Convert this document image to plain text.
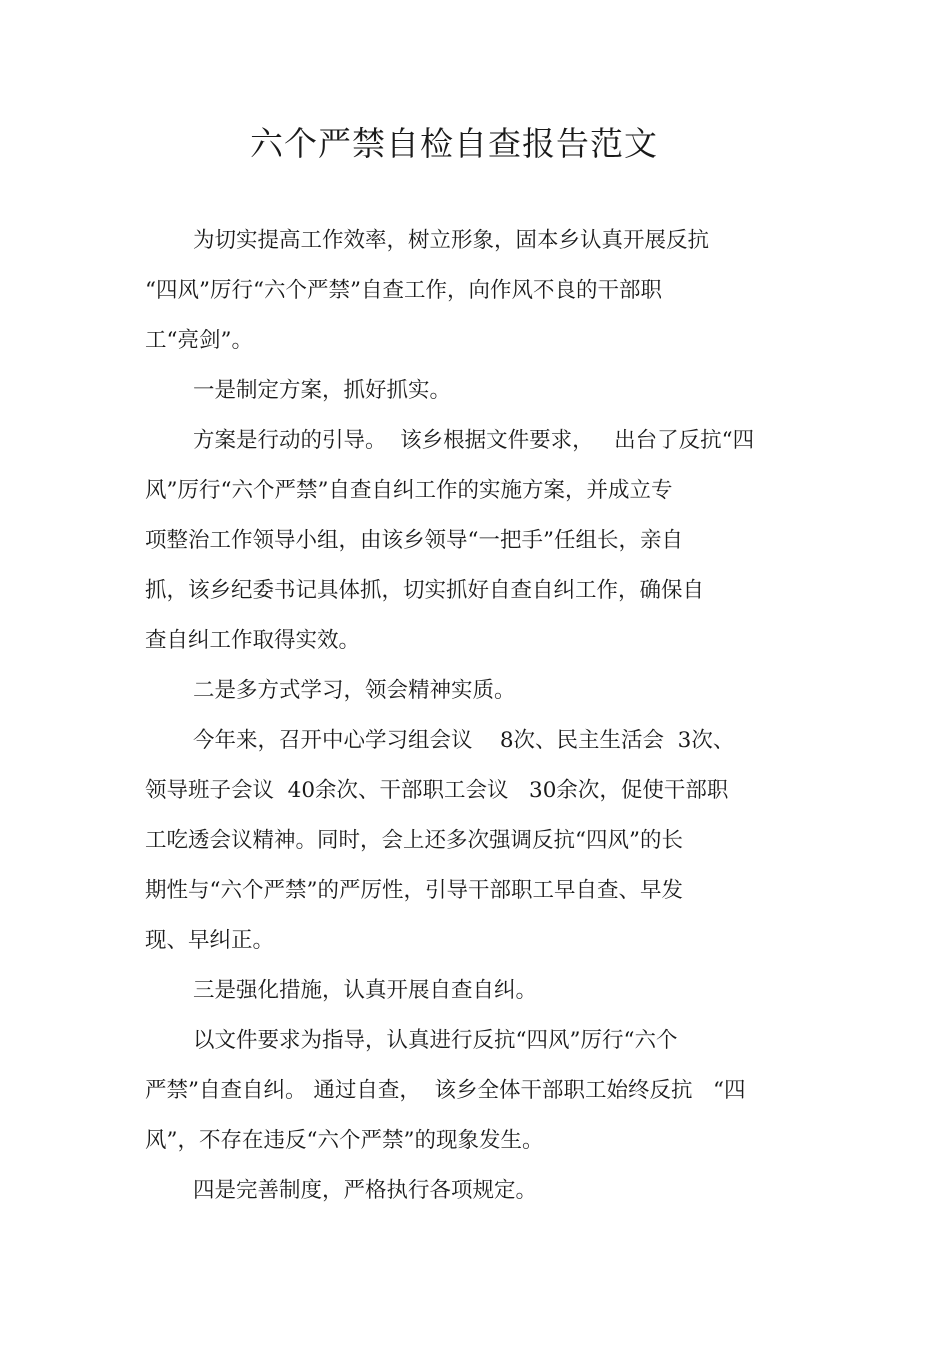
六个严禁自检自查报告范文
为切实提高工作效率，树立形象，固本乡认真开展反抗
“四风”厉行“六个严禁”自查工作，向作风不良的干部职
工“亮剑”。
一是制定方案，抓好抓实。
方案是行动的引导。  该乡根据文件要求，   出台了反抗“四
风”厉行“六个严禁”自查自纠工作的实施方案，并成立专
项整治工作领导小组，由该乡领导“一把手”任组长，亲自
抓，该乡纪委书记具体抓，切实抓好自查自纠工作，确保自
查自纠工作取得实效。
二是多方式学习，领会精神实质。
今年来，召开中心学习组会议    8次、民主生活会  3次、
领导班子会议  40余次、干部职工会议   30余次，促使干部职
工吃透会议精神。同时，会上还多次强调反抗“四风”的长
期性与“六个严禁”的严厉性，引导干部职工早自查、早发
现、早纠正。
三是强化措施，认真开展自查自纠。
以文件要求为指导，认真进行反抗“四风”厉行“六个
严禁”自查自纠。 通过自查，  该乡全体干部职工始终反抗   “四
风”，不存在违反“六个严禁”的现象发生。
四是完善制度，严格执行各项规定。
